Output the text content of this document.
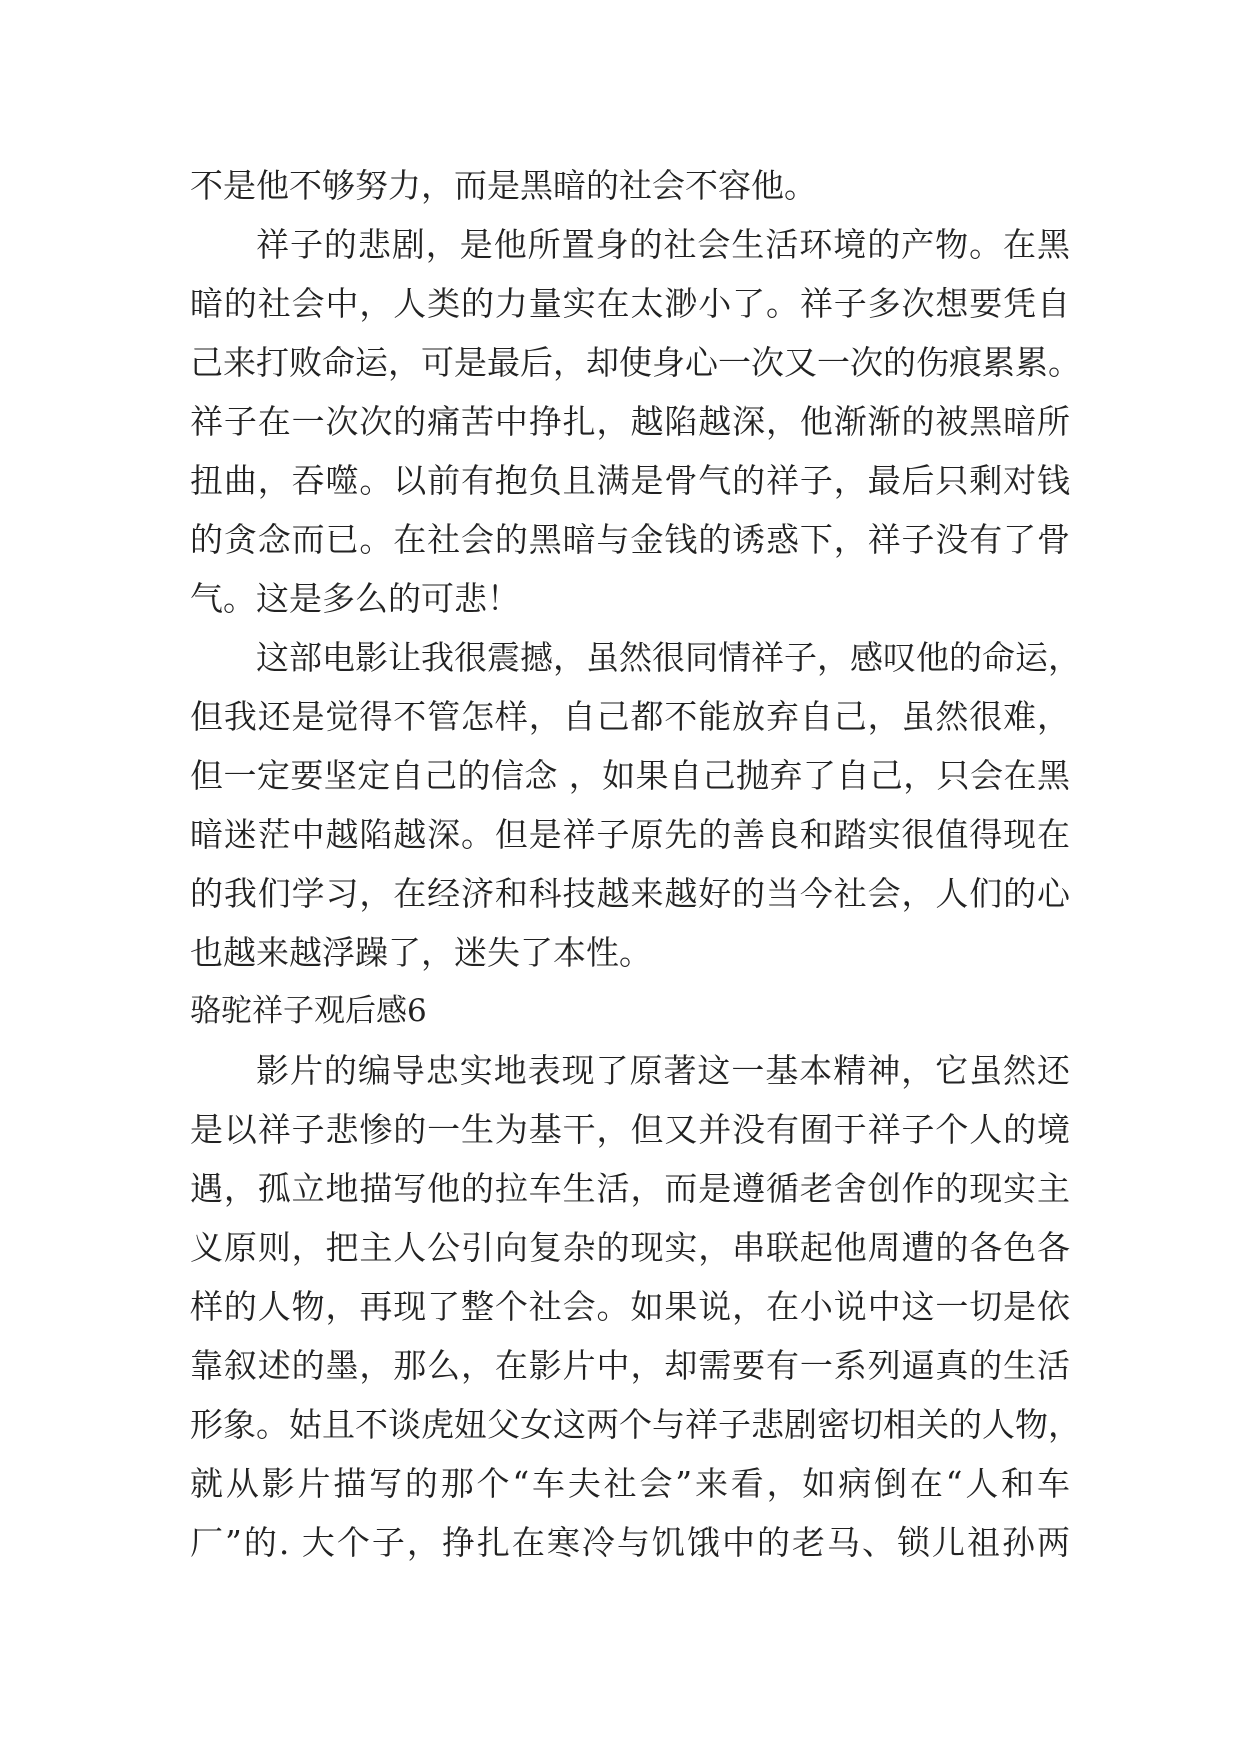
不是他不够努力，而是黑暗的社会不容他。
祥子的悲剧，是他所置身的社会生活环境的产物。在黑
暗的社会中，人类的力量实在太渺小了。祥子多次想要凭自
己来打败命运，可是最后，却使身心一次又一次的伤痕累累。
祥子在一次次的痛苦中挣扎，越陷越深，他渐渐的被黑暗所
扭曲，吞噬。以前有抱负且满是骨气的祥子，最后只剩对钱
的贪念而已。在社会的黑暗与金钱的诱惑下，祥子没有了骨
气。这是多么的可悲！
这部电影让我很震撼，虽然很同情祥子，感叹他的命运，
但我还是觉得不管怎样，自己都不能放弃自己，虽然很难，
但一定要坚定自己的信念 ，如果自己抛弃了自己，只会在黑
暗迷茫中越陷越深。但是祥子原先的善良和踏实很值得现在
的我们学习，在经济和科技越来越好的当今社会，人们的心
也越来越浮躁了，迷失了本性。
骆驼祥子观后感6
影片的编导忠实地表现了原著这一基本精神，它虽然还
是以祥子悲惨的一生为基干，但又并没有囿于祥子个人的境
遇，孤立地描写他的拉车生活，而是遵循老舍创作的现实主
义原则，把主人公引向复杂的现实，串联起他周遭的各色各
样的人物，再现了整个社会。如果说，在小说中这一切是依
靠叙述的墨，那么，在影片中，却需要有一系列逼真的生活
形象。姑且不谈虎妞父女这两个与祥子悲剧密切相关的人物，
就从影片描写的那个“车夫社会”来看，如病倒在“人和车
厂”的. 大个子，挣扎在寒冷与饥饿中的老马、锁儿祖孙两
